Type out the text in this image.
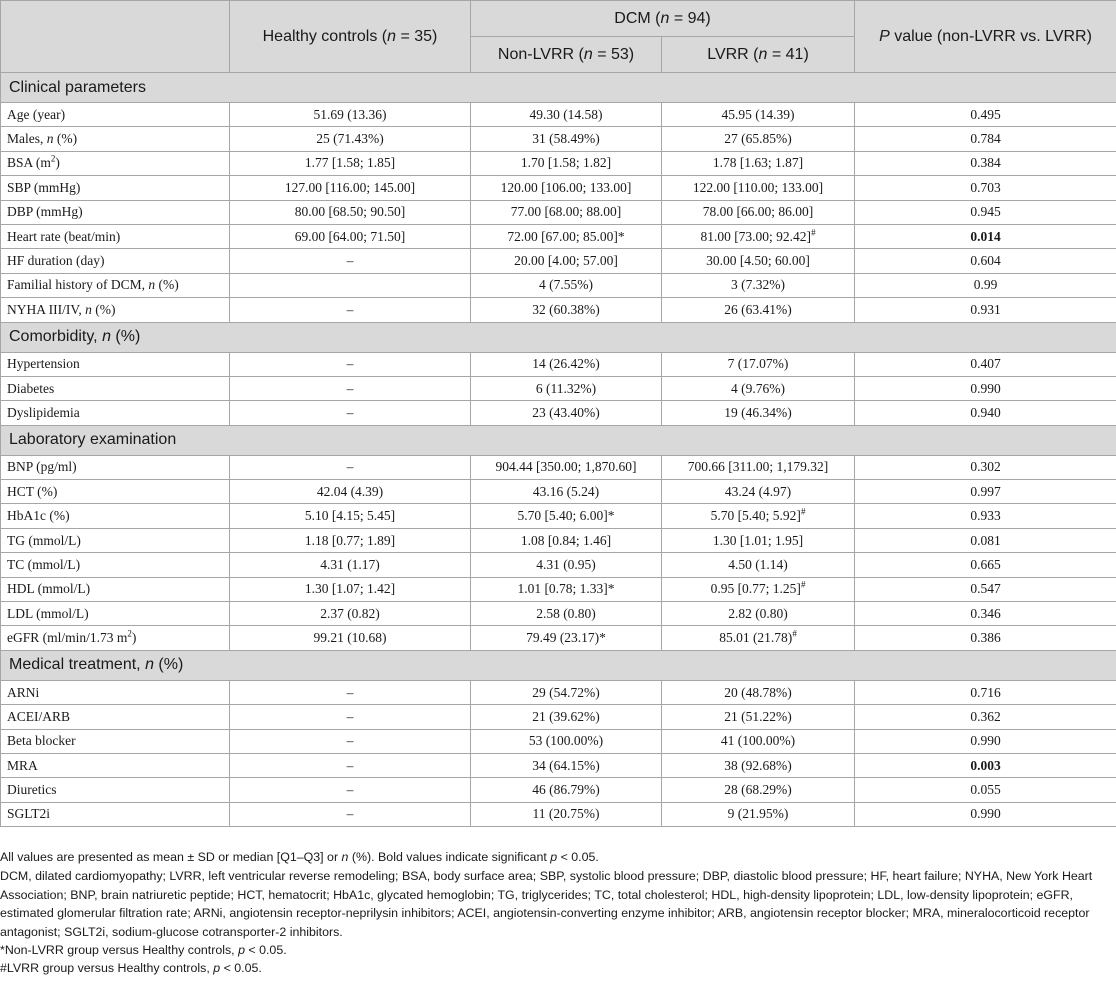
	Healthy controls (n = 35)	DCM (n = 94)		P value (non-LVRR vs. LVRR)
		Non-LVRR (n = 53)	LVRR (n = 41)	
Clinical parameters				
Age (year)	51.69 (13.36)	49.30 (14.58)	45.95 (14.39)	0.495
Males, n (%)	25 (71.43%)	31 (58.49%)	27 (65.85%)	0.784
BSA $(m^2)$	1.77 [1.58; 1.85]	1.70 [1.58; 1.82]	1.78 [1.63; 1.87]	0.384
SBP (mmHg)	127.00 [116.00; 145.00]	120.00 [106.00; 133.00]	122.00 [110.00; 133.00]	0.703
DBP (mmHg)	80.00 [68.50; 90.50]	77.00 [68.00; 88.00]	78.00 [66.00; 86.00]	0.945
Heart rate (beat/min)	69.00 [64.00; 71.50]	72.00 [67.00; 85.00]*	81.00 [73.00; 92.42]#	0.014
HF duration (day)	–	20.00 [4.00; 57.00]	30.00 [4.50; 60.00]	0.604
Familial history of DCM, n (%)		4 (7.55%)	3 (7.32%)	0.99
NYHA III/IV, n (%)	–	32 (60.38%)	26 (63.41%)	0.931
Comorbidity, n (%)				
Hypertension	–	14 (26.42%)	7 (17.07%)	0.407
Diabetes	–	6 (11.32%)	4 (9.76%)	0.990
Dyslipidemia	–	23 (43.40%)	19 (46.34%)	0.940
Laboratory examination				
BNP (pg/ml)	–	904.44 [350.00; 1,870.60]	700.66 [311.00; 1,179.32]	0.302
HCT (%)	42.04 (4.39)	43.16 (5.24)	43.24 (4.97)	0.997
HbA1c (%)	5.10 [4.15; 5.45]	5.70 [5.40; 6.00]*	5.70 [5.40; 5.92]#	0.933
TG (mmol/L)	1.18 [0.77; 1.89]	1.08 [0.84; 1.46]	1.30 [1.01; 1.95]	0.081
TC (mmol/L)	4.31 (1.17)	4.31 (0.95)	4.50 (1.14)	0.665
HDL (mmol/L)	1.30 [1.07; 1.42]	1.01 [0.78; 1.33]*	0.95 [0.77; 1.25]#	0.547
LDL (mmol/L)	2.37 (0.82)	2.58 (0.80)	2.82 (0.80)	0.346
eGFR (ml/min/1.73 $m^2$)	99.21 (10.68)	79.49 (23.17)*	85.01 (21.78)#	0.386
Medical treatment, n (%)				
ARNi	–	29 (54.72%)	20 (48.78%)	0.716
ACEI/ARB	–	21 (39.62%)	21 (51.22%)	0.362
Beta blocker	–	53 (100.00%)	41 (100.00%)	0.990
MRA	–	34 (64.15%)	38 (92.68%)	0.003
Diuretics	–	46 (86.79%)	28 (68.29%)	0.055
SGLT2i	–	11 (20.75%)	9 (21.95%)	0.990

All values are presented as mean ± SD or median [Q1–Q3] or n (%). Bold values indicate significant p < 0.05.

DCM, dilated cardiomyopathy; LVRR, left ventricular reverse remodeling; BSA, body surface area; SBP, systolic blood pressure; DBP, diastolic blood pressure; HF, heart failure; NYHA, New York Heart Association; BNP, brain natriuretic peptide; HCT, hematocrit; HbA1c, glycated hemoglobin; TG, triglycerides; TC, total cholesterol; HDL, high-density lipoprotein; LDL, low-density lipoprotein; eGFR, estimated glomerular filtration rate; ARNi, angiotensin receptor-neprilysin inhibitors; ACEI, angiotensin-converting enzyme inhibitor; ARB, angiotensin receptor blocker; MRA, mineralocorticoid receptor antagonist; SGLT2i, sodium-glucose cotransporter-2 inhibitors.

*Non-LVRR group versus Healthy controls, p < 0.05.

#LVRR group versus Healthy controls, p < 0.05.
